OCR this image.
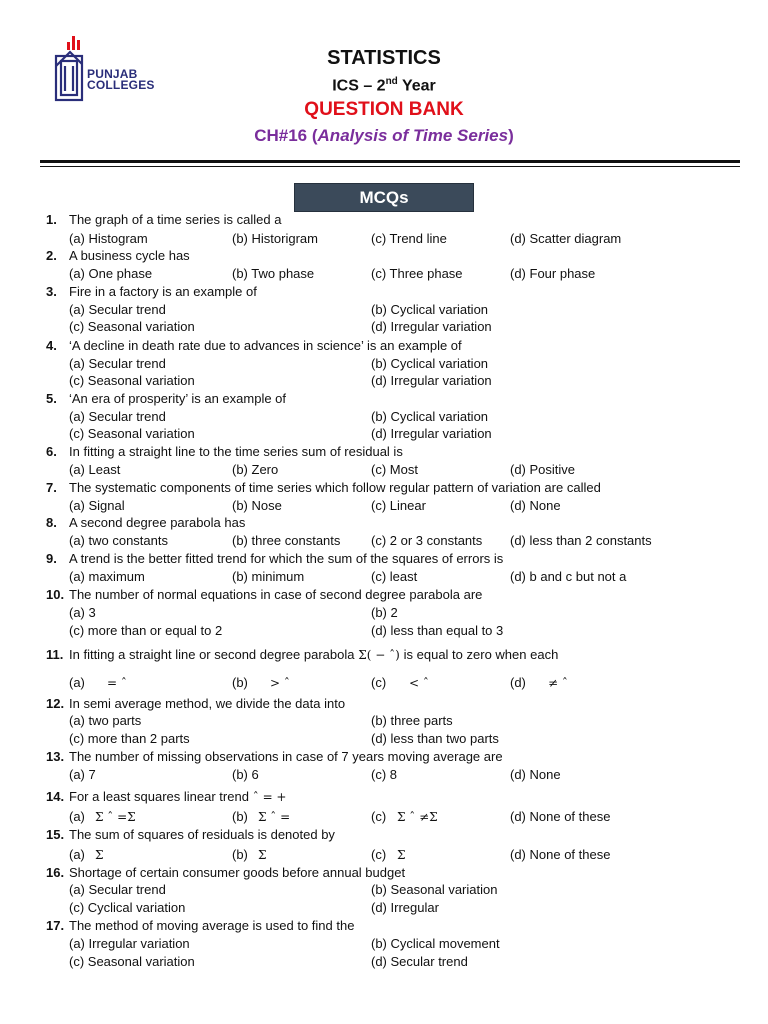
PUNJAB COLLEGES
STATISTICS
ICS – 2nd Year
QUESTION BANK
CH#16 (Analysis of Time Series)
MCQs
1. The graph of a time series is called a
(a) Histogram	(b) Historigram	(c) Trend line	(d) Scatter diagram
2. A business cycle has
(a) One phase	(b) Two phase	(c) Three phase	(d) Four phase
3. Fire in a factory is an example of
(a) Secular trend	(b) Cyclical variation
(c) Seasonal variation	(d) Irregular variation
4. ‘A decline in death rate due to advances in science’ is an example of
(a) Secular trend	(b) Cyclical variation
(c) Seasonal variation	(d) Irregular variation
5. ‘An era of prosperity’ is an example of
(a) Secular trend	(b) Cyclical variation
(c) Seasonal variation	(d) Irregular variation
6. In fitting a straight line to the time series sum of residual is
(a) Least	(b) Zero	(c) Most	(d) Positive
7. The systematic components of time series which follow regular pattern of variation are called
(a) Signal	(b) Nose	(c) Linear	(d) None
8. A second degree parabola has
(a) two constants	(b) three constants (c) 2 or 3 constants (d) less than 2 constants
9. A trend is the better fitted trend for which the sum of the squares of errors is
(a) maximum	(b) minimum	(c) least	(d) b and c but not a
10. The number of normal equations in case of second degree parabola are
(a) 3	(b) 2
(c) more than or equal to 2	(d) less than equal to 3
11. In fitting a straight line or second degree parabola Σ( − ˆ) is equal to zero when each
(a) = ˆ	(b) > ˆ	(c) < ˆ	(d) ≠ ˆ
12. In semi average method, we divide the data into
(a) two parts	(b) three parts
(c) more than 2 parts	(d) less than two parts
13. The number of missing observations in case of 7 years moving average are
(a) 7	(b) 6	(c) 8	(d) None
14. For a least squares linear trend ˆ = +
(a) Σ ˆ =Σ	(b) Σ ˆ =	(c) Σ ˆ ≠Σ	(d) None of these
15. The sum of squares of residuals is denoted by
(a) Σ	(b) Σ	(c) Σ	(d) None of these
16. Shortage of certain consumer goods before annual budget
(a) Secular trend	(b) Seasonal variation
(c) Cyclical variation	(d) Irregular
17. The method of moving average is used to find the
(a) Irregular variation	(b) Cyclical movement
(c) Seasonal variation	(d) Secular trend
